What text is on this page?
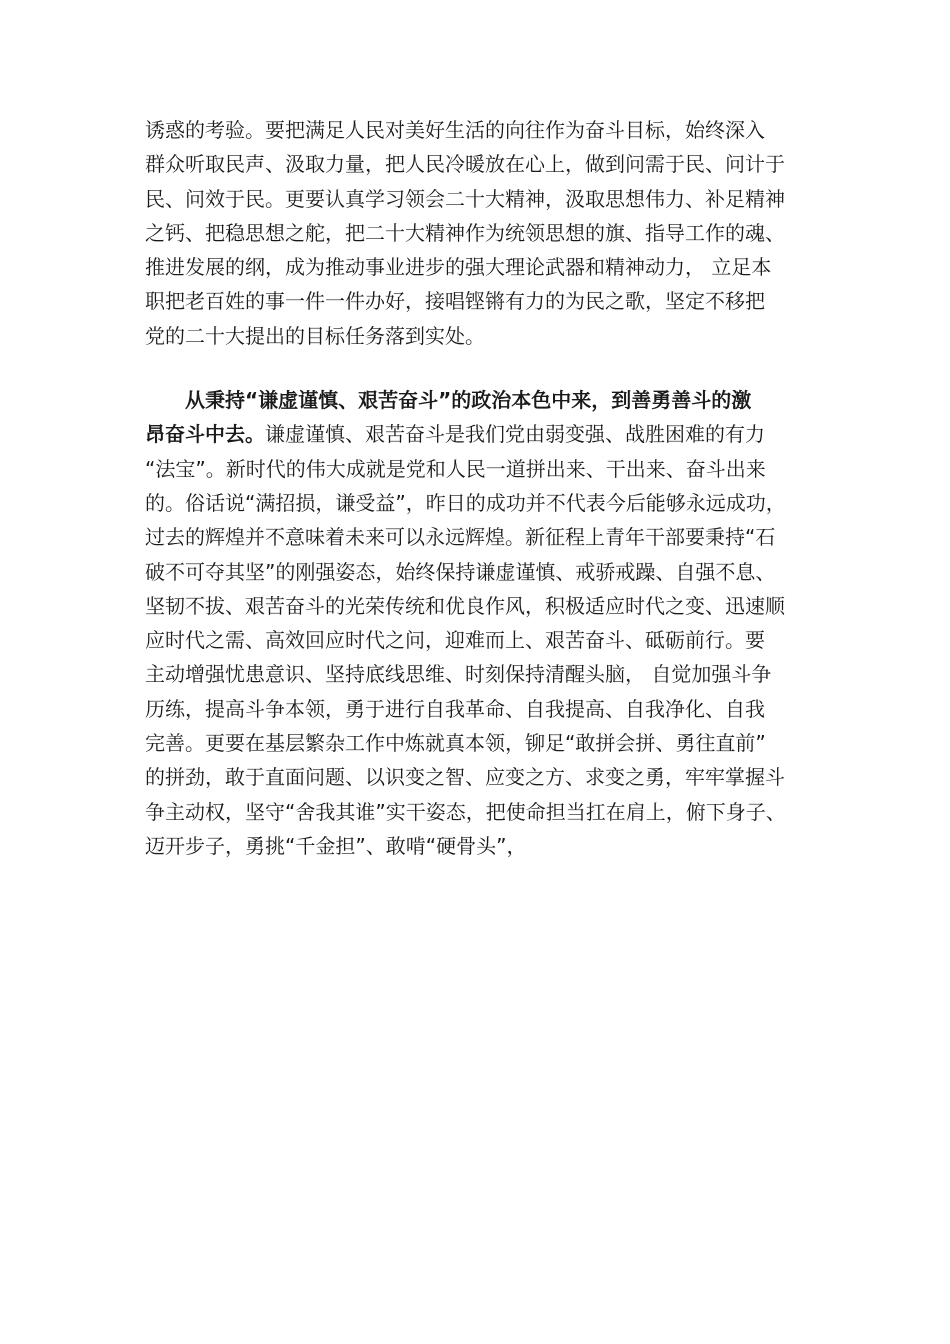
诱惑的考验。要把满足人民对美好生活的向往作为奋斗目标，始终深入
群众听取民声、汲取力量，把人民冷暖放在心上，做到问需于民、问计于
民、问效于民。更要认真学习领会二十大精神，汲取思想伟力、补足精神
之钙、把稳思想之舵，把二十大精神作为统领思想的旗、指导工作的魂、
推进发展的纲，成为推动事业进步的强大理论武器和精神动力， 立足本
职把老百姓的事一件一件办好，接唱铿锵有力的为民之歌，坚定不移把
党的二十大提出的目标任务落到实处。
从秉持“谦虚谨慎、艰苦奋斗”的政治本色中来，到善勇善斗的激
昂奋斗中去。谦虚谨慎、艰苦奋斗是我们党由弱变强、战胜困难的有力
“法宝”。新时代的伟大成就是党和人民一道拼出来、干出来、奋斗出来
的。俗话说“满招损，谦受益”，昨日的成功并不代表今后能够永远成功，
过去的辉煌并不意味着未来可以永远辉煌。新征程上青年干部要秉持“石
破不可夺其坚”的刚强姿态，始终保持谦虚谨慎、戒骄戒躁、自强不息、
坚韧不拔、艰苦奋斗的光荣传统和优良作风，积极适应时代之变、迅速顺
应时代之需、高效回应时代之问，迎难而上、艰苦奋斗、砥砺前行。要
主动增强忧患意识、坚持底线思维、时刻保持清醒头脑， 自觉加强斗争
历练，提高斗争本领，勇于进行自我革命、自我提高、自我净化、自我
完善。更要在基层繁杂工作中炼就真本领，铆足“敢拼会拼、勇往直前”
的拼劲，敢于直面问题、以识变之智、应变之方、求变之勇，牢牢掌握斗
争主动权，坚守“舍我其谁”实干姿态，把使命担当扛在肩上，俯下身子、
迈开步子，勇挑“千金担”、敢啃“硬骨头”，
